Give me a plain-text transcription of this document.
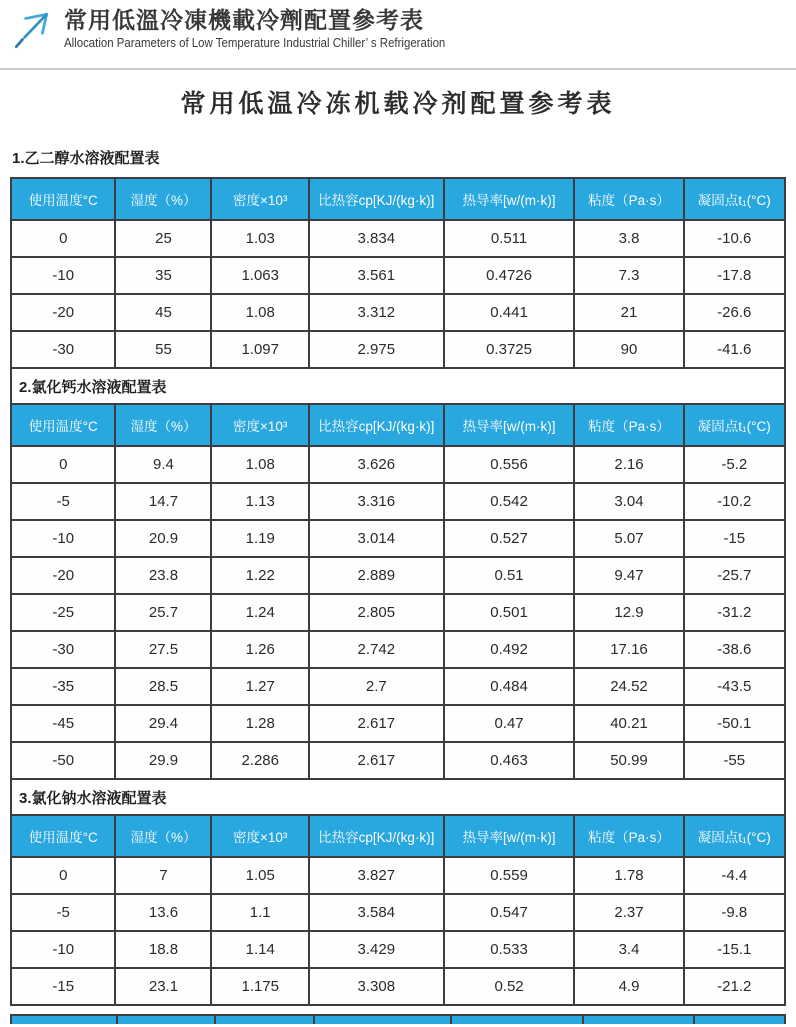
常用低溫冷凍機載冷劑配置參考表
Allocation Parameters of Low Temperature Industrial Chiller’ s Refrigeration
常用低温冷冻机载冷剂配置参考表
1.乙二醇水溶液配置表
使用温度°C	湿度（%）	密度×10³	比热容cp[KJ/(kg·k)]	热导率[w/(m·k)]	粘度（Pa·s）	凝固点t₁(°C)
0	25	1.03	3.834	0.511	3.8	-10.6
-10	35	1.063	3.561	0.4726	7.3	-17.8
-20	45	1.08	3.312	0.441	21	-26.6
-30	55	1.097	2.975	0.3725	90	-41.6
2.氯化钙水溶液配置表						
使用温度°C	湿度（%）	密度×10³	比热容cp[KJ/(kg·k)]	热导率[w/(m·k)]	粘度（Pa·s）	凝固点t₁(°C)
0	9.4	1.08	3.626	0.556	2.16	-5.2
-5	14.7	1.13	3.316	0.542	3.04	-10.2
-10	20.9	1.19	3.014	0.527	5.07	-15
-20	23.8	1.22	2.889	0.51	9.47	-25.7
-25	25.7	1.24	2.805	0.501	12.9	-31.2
-30	27.5	1.26	2.742	0.492	17.16	-38.6
-35	28.5	1.27	2.7	0.484	24.52	-43.5
-45	29.4	1.28	2.617	0.47	40.21	-50.1
-50	29.9	2.286	2.617	0.463	50.99	-55
3.氯化钠水溶液配置表						
使用温度°C	湿度（%）	密度×10³	比热容cp[KJ/(kg·k)]	热导率[w/(m·k)]	粘度（Pa·s）	凝固点t₁(°C)
0	7	1.05	3.827	0.559	1.78	-4.4
-5	13.6	1.1	3.584	0.547	2.37	-9.8
-10	18.8	1.14	3.429	0.533	3.4	-15.1
-15	23.1	1.175	3.308	0.52	4.9	-21.2
